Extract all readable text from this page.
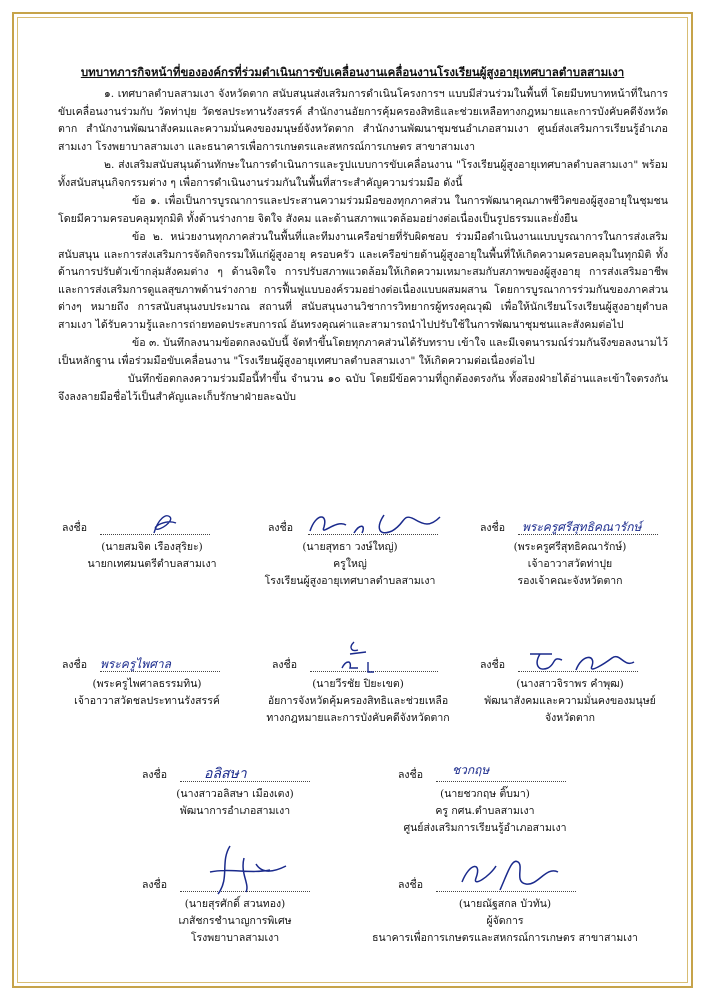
บทบาทภารกิจหน้าที่ขององค์กรที่ร่วมดำเนินการขับเคลื่อนงานเคลื่อนงานโรงเรียนผู้สูงอายุเทศบาลตำบลสามเงา

๑. เทศบาลตำบลสามเงา จังหวัดตาก สนับสนุนส่งเสริมการดำเนินโครงการฯ แบบมีส่วนร่วมในพื้นที่ โดยมีบทบาทหน้าที่ในการขับเคลื่อนงานร่วมกับ วัดท่าปุย วัดชลประทานรังสรรค์ สำนักงานอัยการคุ้มครองสิทธิและช่วยเหลือทางกฎหมายและการบังคับคดีจังหวัดตาก สำนักงานพัฒนาสังคมและความมั่นคงของมนุษย์จังหวัดตาก สำนักงานพัฒนาชุมชนอำเภอสามเงา ศูนย์ส่งเสริมการเรียนรู้อำเภอสามเงา โรงพยาบาลสามเงา และธนาคารเพื่อการเกษตรและสหกรณ์การเกษตร สาขาสามเงา

๒. ส่งเสริมสนับสนุนด้านทักษะในการดำเนินการและรูปแบบการขับเคลื่อนงาน "โรงเรียนผู้สูงอายุเทศบาลตำบลสามเงา" พร้อมทั้งสนับสนุนกิจกรรมต่าง ๆ เพื่อการดำเนินงานร่วมกันในพื้นที่สาระสำคัญความร่วมมือ ดังนี้

ข้อ ๑. เพื่อเป็นการบูรณาการและประสานความร่วมมือของทุกภาคส่วน ในการพัฒนาคุณภาพชีวิตของผู้สูงอายุในชุมชน โดยมีความครอบคลุมทุกมิติ ทั้งด้านร่างกาย จิตใจ สังคม และด้านสภาพแวดล้อมอย่างต่อเนื่องเป็นรูปธรรมและยั่งยืน

ข้อ ๒. หน่วยงานทุกภาคส่วนในพื้นที่และทีมงานเครือข่ายที่รับผิดชอบ ร่วมมือดำเนินงานแบบบูรณาการในการส่งเสริม สนับสนุน และการส่งเสริมการจัดกิจกรรมให้แก่ผู้สูงอายุ ครอบครัว และเครือข่ายด้านผู้สูงอายุในพื้นที่ให้เกิดความครอบคลุมในทุกมิติ ทั้งด้านการปรับตัวเข้ากลุ่มสังคมต่าง ๆ ด้านจิตใจ การปรับสภาพแวดล้อมให้เกิดความเหมาะสมกับสภาพของผู้สูงอายุ การส่งเสริมอาชีพ และการส่งเสริมการดูแลสุขภาพด้านร่างกาย การฟื้นฟูแบบองค์รวมอย่างต่อเนื่องแบบผสมผสาน โดยการบูรณาการร่วมกันของภาคส่วนต่างๆ หมายถึง การสนับสนุนงบประมาณ สถานที่ สนับสนุนงานวิชาการวิทยากรผู้ทรงคุณวุฒิ เพื่อให้นักเรียนโรงเรียนผู้สูงอายุตำบลสามเงา ได้รับความรู้และการถ่ายทอดประสบการณ์ อันทรงคุณค่าและสามารถนำไปปรับใช้ในการพัฒนาชุมชนและสังคมต่อไป

ข้อ ๓. บันทึกลงนามข้อตกลงฉบับนี้ จัดทำขึ้นโดยทุกภาคส่วนได้รับทราบ เข้าใจ และมีเจตนารมณ์ร่วมกันจึงขอลงนามไว้เป็นหลักฐาน เพื่อร่วมมือขับเคลื่อนงาน "โรงเรียนผู้สูงอายุเทศบาลตำบลสามเงา" ให้เกิดความต่อเนื่องต่อไป

บันทึกข้อตกลงความร่วมมือนี้ทำขึ้น จำนวน ๑๐ ฉบับ โดยมีข้อความที่ถูกต้องตรงกัน ทั้งสองฝ่ายได้อ่านและเข้าใจตรงกัน จึงลงลายมือชื่อไว้เป็นสำคัญและเก็บรักษาฝ่ายละฉบับ

ลงชื่อ
(นายสมจิต เรืองสุริยะ)
นายกเทศมนตรีตำบลสามเงา
ลงชื่อ
(นายสุทธา วงษ์ใหญ่)
ครูใหญ่
โรงเรียนผู้สูงอายุเทศบาลตำบลสามเงา
ลงชื่อ พระครูศรีสุทธิคณารักษ์
(พระครูศรีสุทธิคณารักษ์)
เจ้าอาวาสวัดท่าปุย
รองเจ้าคณะจังหวัดตาก
ลงชื่อ พระครูไพศาล
(พระครูไพศาลธรรมทิน)
เจ้าอาวาสวัดชลประทานรังสรรค์
ลงชื่อ
(นายวีรชัย ปิยะเขต)
อัยการจังหวัดคุ้มครองสิทธิและช่วยเหลือ
ทางกฎหมายและการบังคับคดีจังหวัดตาก
ลงชื่อ
(นางสาวจิราพร คำพุฒ)
พัฒนาสังคมและความมั่นคงของมนุษย์
จังหวัดตาก
ลงชื่อ	อลิสษา
(นางสาวอลิสษา เมืองเตง)
พัฒนาการอำเภอสามเงา
ลงชื่อ ชวกฤษ
(นายชวกฤษ ติ๊บมา)
ครู กศน.ตำบลสามเงา
ศูนย์ส่งเสริมการเรียนรู้อำเภอสามเงา
ลงชื่อ
(นายสุรศักดิ์ สวนทอง)
เภสัชกรชำนาญการพิเศษ
โรงพยาบาลสามเงา
ลงชื่อ
(นายณัฐสกล บัวทัน)
ผู้จัดการ
ธนาคารเพื่อการเกษตรและสหกรณ์การเกษตร สาขาสามเงา
